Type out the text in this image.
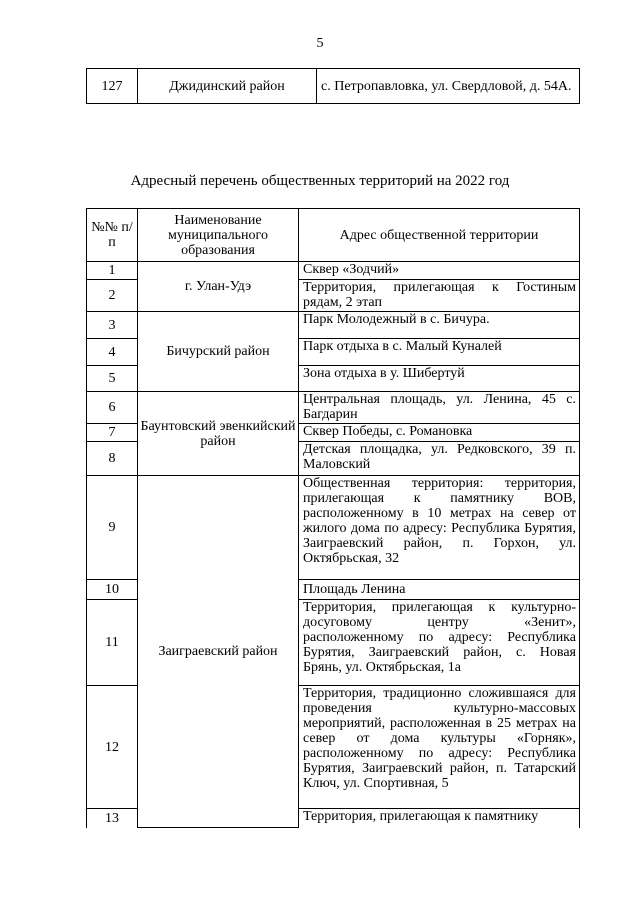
5
127	Джидинский район	с. Петропавловка, ул. Свердловой, д. 54А.
Адресный перечень общественных территорий на 2022 год
№№ п/п	Наименование муниципального образования	Адрес общественной территории
1	г. Улан-Удэ	Сквер «Зодчий»
2		Территория, прилегающая к Гостиным рядам, 2 этап
3	Бичурский район	Парк Молодежный в с. Бичура.
4		Парк отдыха в с. Малый Куналей
5		Зона отдыха в у. Шибертуй
6	Баунтовский эвенкийский район	Центральная площадь, ул. Ленина, 45 с. Багдарин
7		Сквер Победы, с. Романовка
8		Детская площадка, ул. Редковского, 39 п. Маловский
9	Заиграевский район	Общественная территория: территория, прилегающая к памятнику ВОВ, расположенному в 10 метрах на север от жилого дома по адресу: Республика Бурятия, Заиграевский район, п. Горхон, ул. Октябрьская, 32
10		Площадь Ленина
11		Территория, прилегающая к культурно-досуговому центру «Зенит», расположенному по адресу: Республика Бурятия, Заиграевский район, с. Новая Брянь, ул. Октябрьская, 1а
12		Территория, традиционно сложившаяся для проведения культурно-массовых мероприятий, расположенная в 25 метрах на север от дома культуры «Горняк», расположенному по адресу: Республика Бурятия, Заиграевский район, п. Татарский Ключ, ул. Спортивная, 5
13		Территория, прилегающая к памятнику
